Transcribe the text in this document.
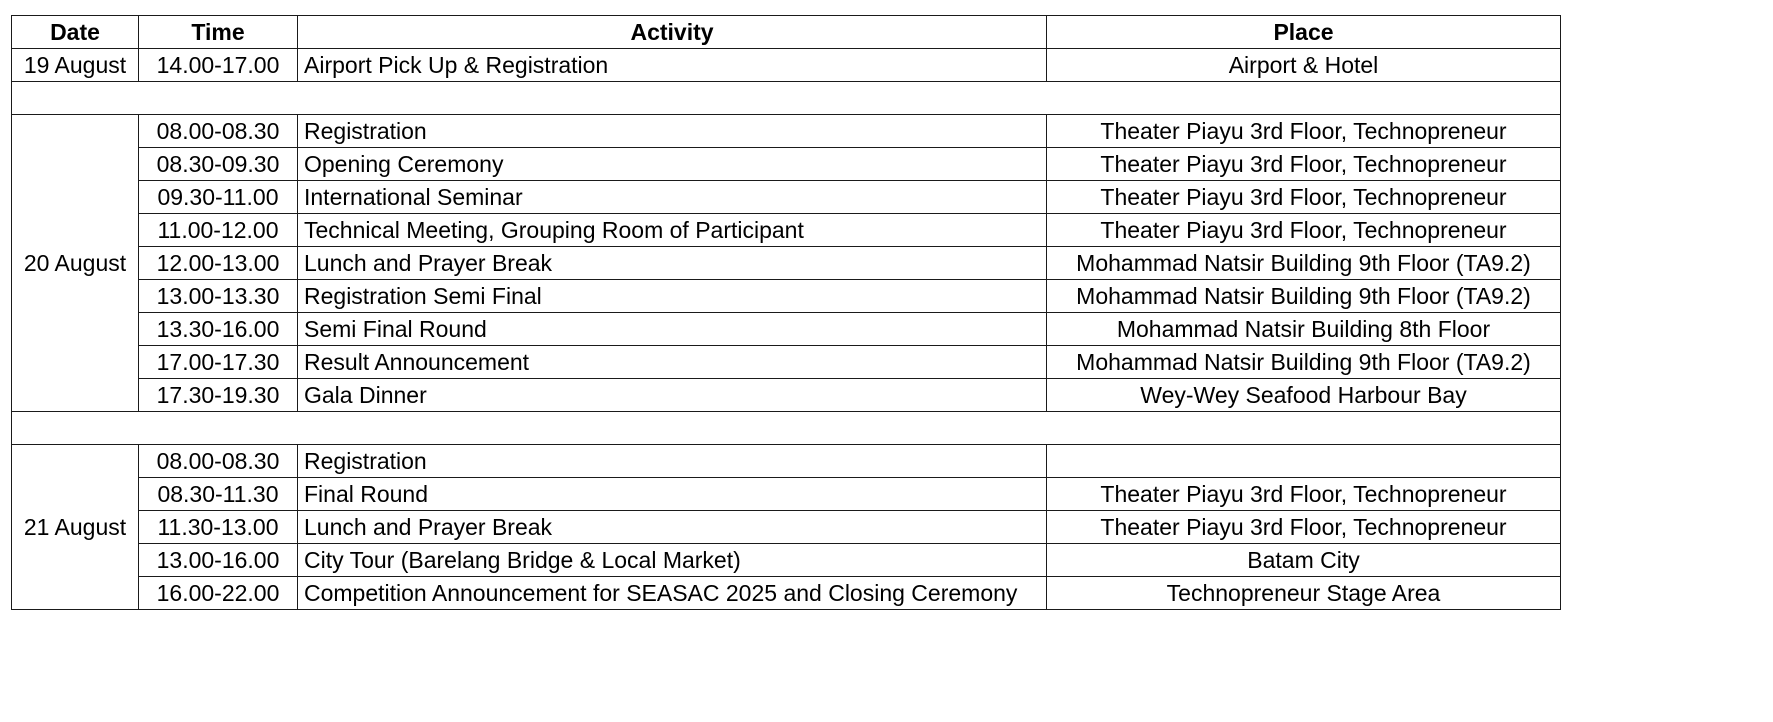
Date	Time	Activity	Place
19 August	14.00-17.00	Airport Pick Up & Registration	Airport & Hotel

20 August	08.00-08.30	Registration	Theater Piayu 3rd Floor, Technopreneur
	08.30-09.30	Opening Ceremony	Theater Piayu 3rd Floor, Technopreneur
	09.30-11.00	International Seminar	Theater Piayu 3rd Floor, Technopreneur
	11.00-12.00	Technical Meeting, Grouping Room of Participant	Theater Piayu 3rd Floor, Technopreneur
	12.00-13.00	Lunch and Prayer Break	Mohammad Natsir Building 9th Floor (TA9.2)
	13.00-13.30	Registration Semi Final	Mohammad Natsir Building 9th Floor (TA9.2)
	13.30-16.00	Semi Final Round	Mohammad Natsir Building 8th Floor
	17.00-17.30	Result Announcement	Mohammad Natsir Building 9th Floor (TA9.2)
	17.30-19.30	Gala Dinner	Wey-Wey Seafood Harbour Bay

21 August	08.00-08.30	Registration	
	08.30-11.30	Final Round	Theater Piayu 3rd Floor, Technopreneur
	11.30-13.00	Lunch and Prayer Break	Theater Piayu 3rd Floor, Technopreneur
	13.00-16.00	City Tour (Barelang Bridge & Local Market)	Batam City
	16.00-22.00	Competition Announcement for SEASAC 2025 and Closing Ceremony	Technopreneur Stage Area
